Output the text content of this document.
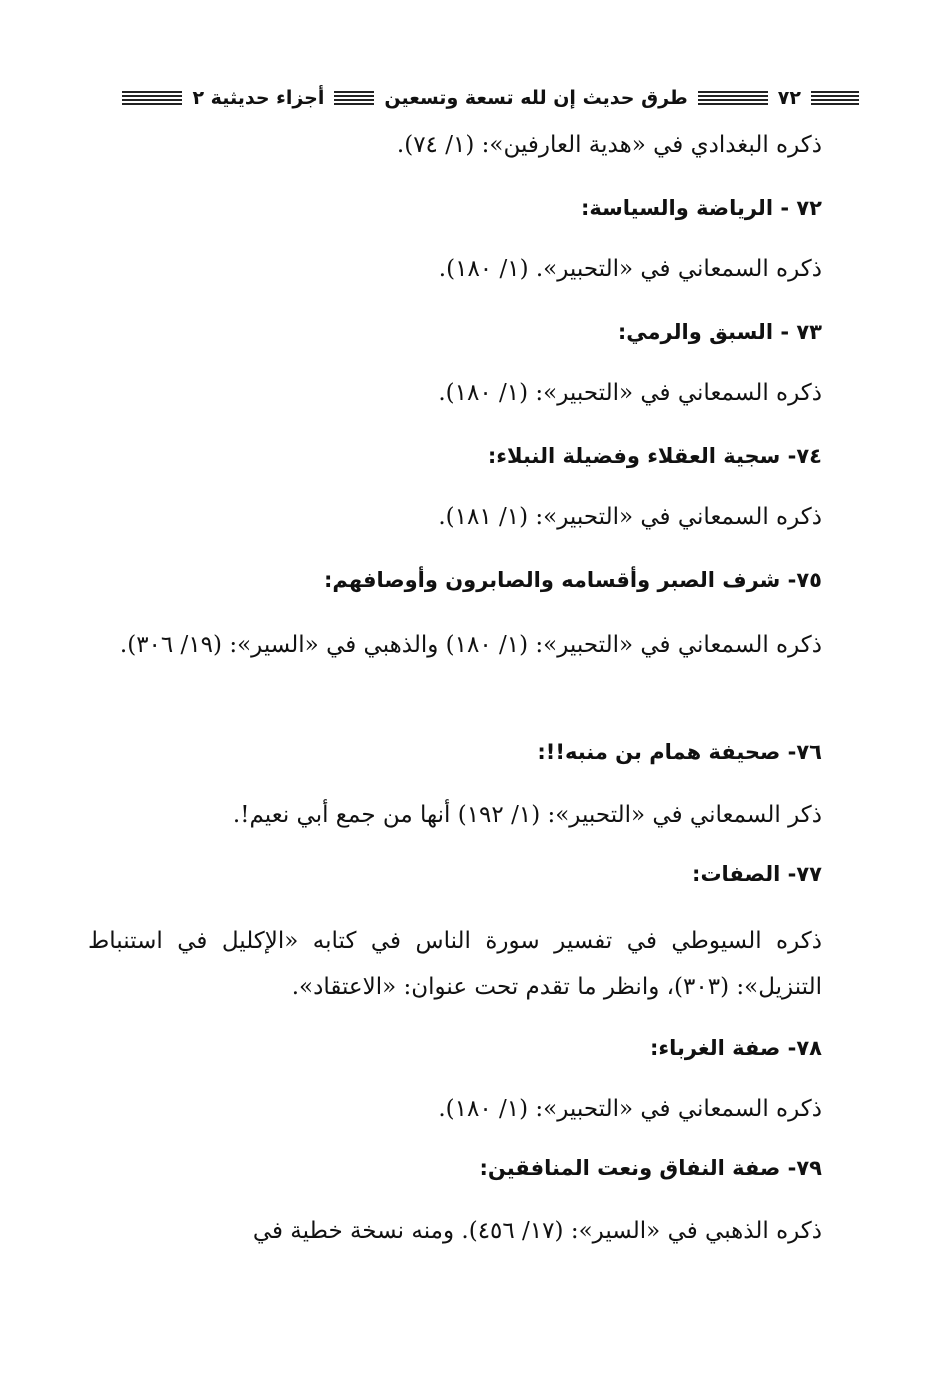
٧٢
طرق حديث إن لله تسعة وتسعين
أجزاء حديثية ٢
ذكره البغدادي في «هدية العارفين»: (١/ ٧٤).
٧٢ - الرياضة والسياسة:
ذكره السمعاني في «التحبير». (١/ ١٨٠).
٧٣ - السبق والرمي:
ذكره السمعاني في «التحبير»: (١/ ١٨٠).
٧٤- سجية العقلاء وفضيلة النبلاء:
ذكره السمعاني في «التحبير»: (١/ ١٨١).
٧٥- شرف الصبر وأقسامه والصابرون وأوصافهم:
ذكره السمعاني في «التحبير»: (١/ ١٨٠) والذهبي في «السير»: (١٩/ ٣٠٦).
٧٦- صحيفة همام بن منبه!!:
ذكر السمعاني في «التحبير»: (١/ ١٩٢) أنها من جمع أبي نعيم!.
٧٧- الصفات:
ذكره السيوطي في تفسير سورة الناس في كتابه «الإكليل في استنباط التنزيل»: (٣٠٣)، وانظر ما تقدم تحت عنوان: «الاعتقاد».
٧٨- صفة الغرباء:
ذكره السمعاني في «التحبير»: (١/ ١٨٠).
٧٩- صفة النفاق ونعت المنافقين:
ذكره الذهبي في «السير»: (١٧/ ٤٥٦). ومنه نسخة خطية في
